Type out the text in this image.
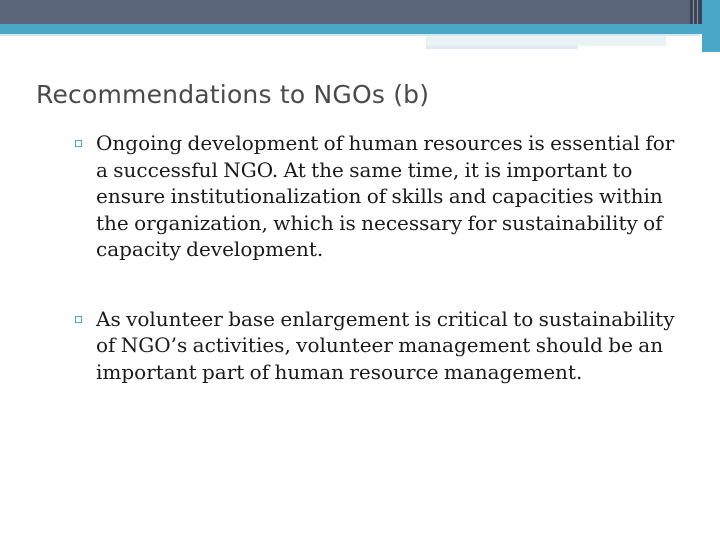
Recommendations to NGOs (b)
Ongoing development of human resources is essential for a successful NGO. At the same time, it is important to ensure institutionalization of skills and capacities within the organization, which is necessary for sustainability of capacity development.
As volunteer base enlargement is critical to sustainability of NGO’s activities, volunteer management should be an important part of human resource management.
